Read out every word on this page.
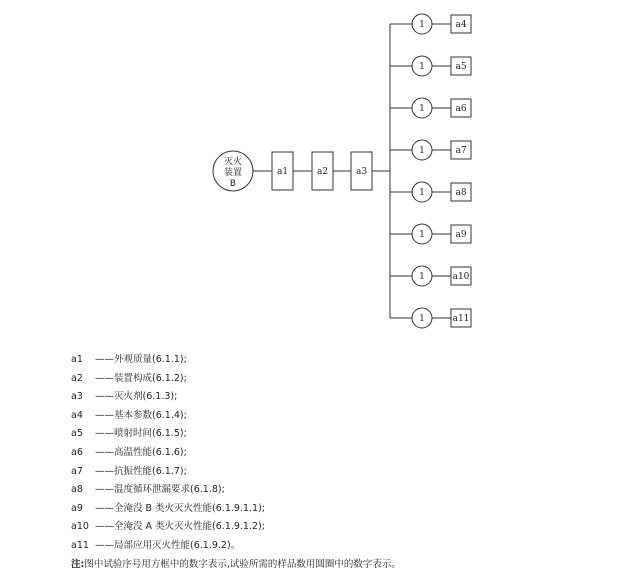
灭火
装置
B
a1	a2	a3
1	a4
1	a5
1	a6
1	a7
1	a8
1	a9
1	a10
1	a11
a1 ——外观质量(6.1.1);
a2 ——装置构成(6.1.2);
a3 ——灭火剂(6.1.3);
a4 ——基本参数(6.1.4);
a5 ——喷射时间(6.1.5);
a6 ——高温性能(6.1.6);
a7 ——抗振性能(6.1.7);
a8 ——温度循环泄漏要求(6.1.8);
a9 ——全淹没 B 类火灭火性能(6.1.9.1.1);
a10 ——全淹没 A 类火灭火性能(6.1.9.1.2);
a11 ——局部应用灭火性能(6.1.9.2)。
注:图中试验序号用方框中的数字表示,试验所需的样品数用圆圈中的数字表示。
